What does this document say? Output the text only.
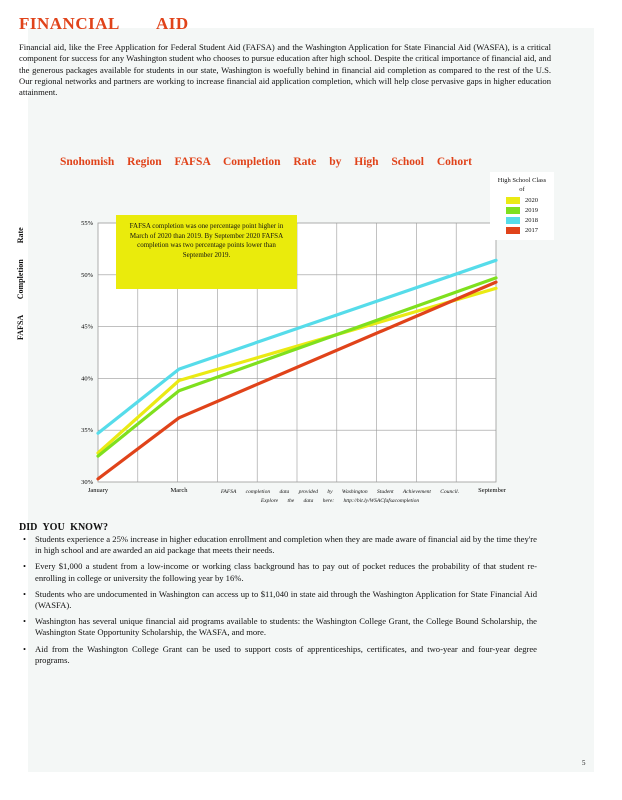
FINANCIAL        AID
Financial aid, like the Free Application for Federal Student Aid (FAFSA) and the Washington Application for State Financial Aid (WASFA), is a critical component for success for any Washington student who chooses to pursue education after high school. Despite the critical importance of financial aid, and the generous packages available for students in our state, Washington is woefully behind in financial aid completion as compared to the rest of the U.S. Our regional networks and partners are working to increase financial aid application completion, which will help close pervasive gaps in higher education attainment.
Snohomish Region FAFSA Completion Rate by High School Cohort
FAFSA Completion Rate
30%
35%
40%
45%
50%
55%
January	March	September
FAFSA completion was one percentage point higher in March of 2020 than 2019. By September 2020 FAFSA completion was two percentage points lower than September 2019.
High School Class of
2020
2019
2018
2017
FAFSA completion data provided by Washington Student Achievement Council.
Explore the data here: http://bit.ly/WSACfafsacompletion
DID YOU KNOW?
• Students experience a 25% increase in higher education enrollment and completion when they are made aware of financial aid by the time they're in high school and are awarded an aid package that meets their needs.
• Every $1,000 a student from a low-income or working class background has to pay out of pocket reduces the probability of that student re-enrolling in college or university the following year by 16%.
• Students who are undocumented in Washington can access up to $11,040 in state aid through the Washington Application for State Financial Aid (WASFA).
• Washington has several unique financial aid programs available to students: the Washington College Grant, the College Bound Scholarship, the Washington State Opportunity Scholarship, the WASFA, and more.
• Aid from the Washington College Grant can be used to support costs of apprenticeships, certificates, and two-year and four-year degree programs.
5
